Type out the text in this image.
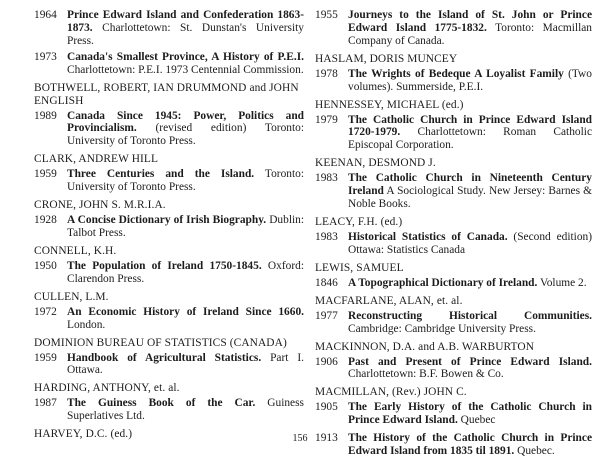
1964 Prince Edward Island and Confederation 1863-1873. Charlottetown: St. Dunstan's University Press.
1973 Canada's Smallest Province, A History of P.E.I. Charlottetown: P.E.I. 1973 Centennial Commission.
BOTHWELL, ROBERT, IAN DRUMMOND and JOHN ENGLISH
1989 Canada Since 1945: Power, Politics and Provincialism. (revised edition) Toronto: University of Toronto Press.
CLARK, ANDREW HILL
1959 Three Centuries and the Island. Toronto: University of Toronto Press.
CRONE, JOHN S. M.R.I.A.
1928 A Concise Dictionary of Irish Biography. Dublin: Talbot Press.
CONNELL, K.H.
1950 The Population of Ireland 1750-1845. Oxford: Clarendon Press.
CULLEN, L.M.
1972 An Economic History of Ireland Since 1660. London.
DOMINION BUREAU OF STATISTICS (CANADA)
1959 Handbook of Agricultural Statistics. Part I. Ottawa.
HARDING, ANTHONY, et. al.
1987 The Guiness Book of the Car. Guiness Superlatives Ltd.
HARVEY, D.C. (ed.)
1955 Journeys to the Island of St. John or Prince Edward Island 1775-1832. Toronto: Macmillan Company of Canada.
HASLAM, DORIS MUNCEY
1978 The Wrights of Bedeque A Loyalist Family (Two volumes). Summerside, P.E.I.
HENNESSEY, MICHAEL (ed.)
1979 The Catholic Church in Prince Edward Island 1720-1979. Charlottetown: Roman Catholic Episcopal Corporation.
KEENAN, DESMOND J.
1983 The Catholic Church in Nineteenth Century Ireland A Sociological Study. New Jersey: Barnes & Noble Books.
LEACY, F.H. (ed.)
1983 Historical Statistics of Canada. (Second edition) Ottawa: Statistics Canada
LEWIS, SAMUEL
1846 A Topographical Dictionary of Ireland. Volume 2.
MACFARLANE, ALAN, et. al.
1977 Reconstructing Historical Communities. Cambridge: Cambridge University Press.
MACKINNON, D.A. and A.B. WARBURTON
1906 Past and Present of Prince Edward Island. Charlottetown: B.F. Bowen & Co.
MACMILLAN, (Rev.) JOHN C.
1905 The Early History of the Catholic Church in Prince Edward Island. Quebec
1913 The History of the Catholic Church in Prince Edward Island from 1835 til 1891. Quebec.
156
